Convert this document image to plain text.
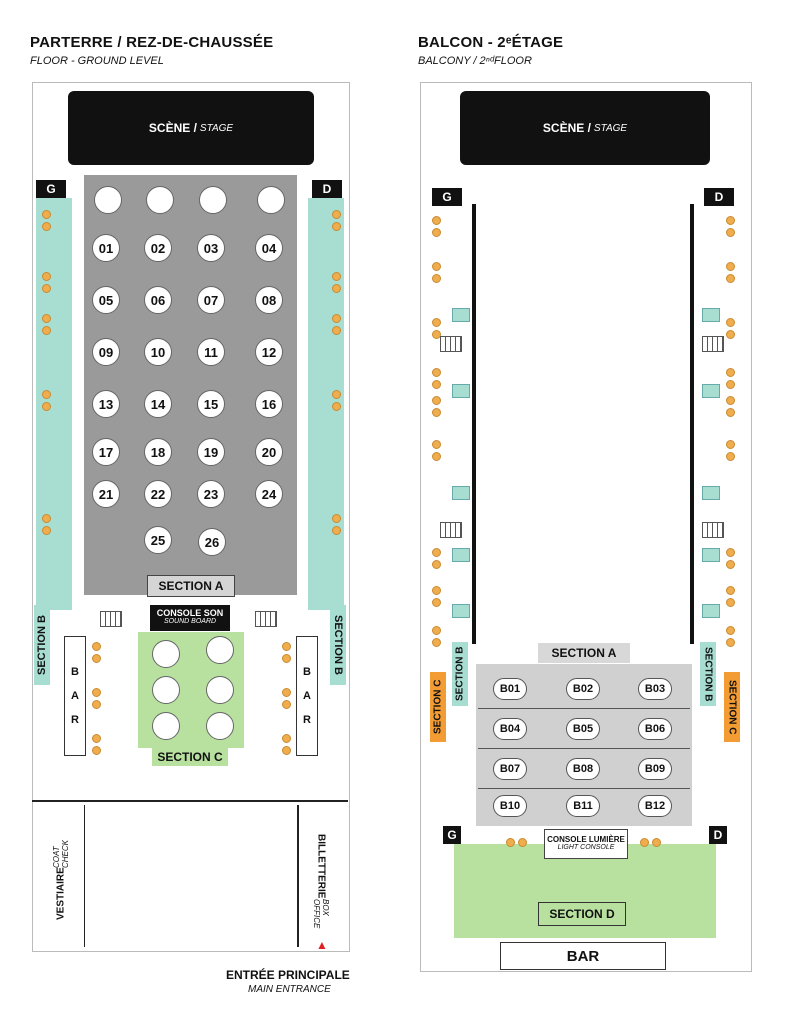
PARTERRE / REZ-DE-CHAUSSÉE
FLOOR - GROUND LEVEL
BALCON - 2ᵉÉTAGE
BALCONY / 2ⁿᵈFLOOR
SCÈNE / STAGE
G	D
SECTION B	SECTION B
SECTION A
CONSOLE SON
SOUND BOARD
SECTION C
B A R	B A R
VESTIAIRE
COAT CHECK	BILLETTERIE
BOX OFFICE
▲
ENTRÉE PRINCIPALE
MAIN ENTRANCE
SCÈNE / STAGE
G	D
SECTION B	SECTION B
SECTION C	SECTION C
SECTION A
G	D
CONSOLE LUMIÈRE
LIGHT CONSOLE
SECTION D
BAR
01	02	03	04
05	06	07	08
09	10	11	12
13	14	15	16
17	18	19	20
21	22	23	24
25	26
B01	B02	B03
B04	B05	B06
B07	B08	B09
B10	B11	B12
